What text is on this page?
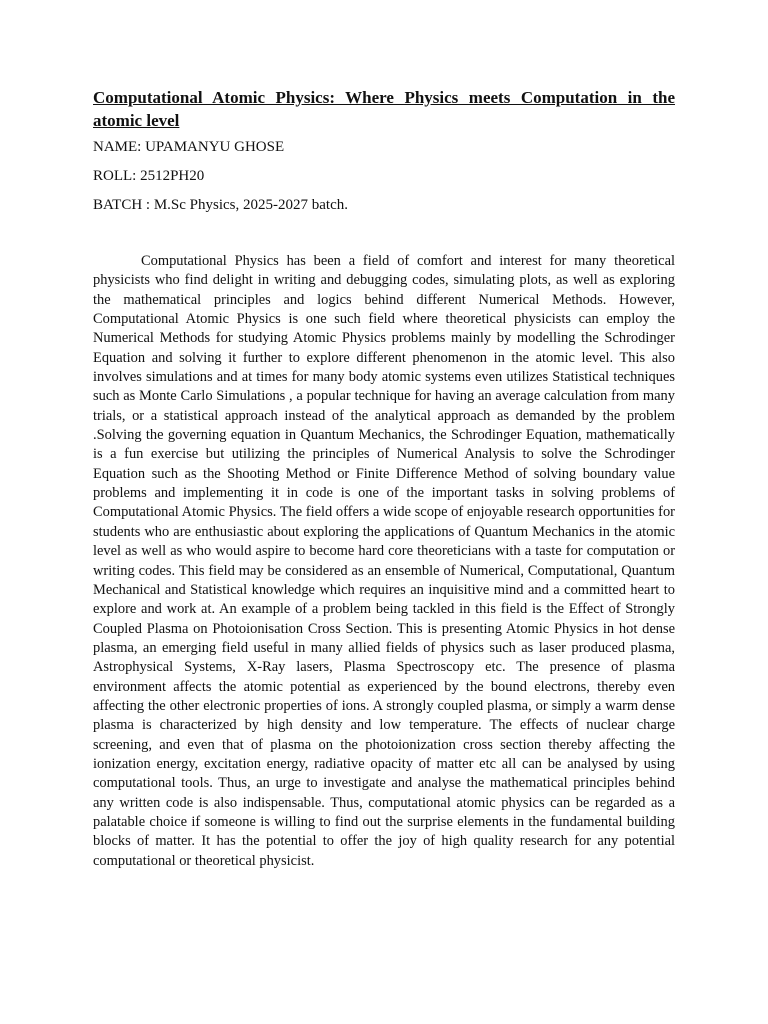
Computational Atomic Physics: Where Physics meets Computation in the atomic level

NAME: UPAMANYU GHOSE

ROLL: 2512PH20

BATCH : M.Sc Physics, 2025-2027 batch.

Computational Physics has been a field of comfort and interest for many theoretical physicists who find delight in writing and debugging codes, simulating plots, as well as exploring the mathematical principles and logics behind different Numerical Methods. However, Computational Atomic Physics is one such field where theoretical physicists can employ the Numerical Methods for studying Atomic Physics problems mainly by modelling the Schrodinger Equation and solving it further to explore different phenomenon in the atomic level. This also involves simulations and at times for many body atomic systems even utilizes Statistical techniques such as Monte Carlo Simulations , a popular technique for having an average calculation from many trials, or a statistical approach instead of the analytical approach as demanded by the problem .Solving the governing equation in Quantum Mechanics, the Schrodinger Equation, mathematically is a fun exercise but utilizing the principles of Numerical Analysis to solve the Schrodinger Equation such as the Shooting Method or Finite Difference Method of solving boundary value problems and implementing it in code is one of the important tasks in solving problems of Computational Atomic Physics. The field offers a wide scope of enjoyable research opportunities for students who are enthusiastic about exploring the applications of Quantum Mechanics in the atomic level as well as who would aspire to become hard core theoreticians with a taste for computation or writing codes. This field may be considered as an ensemble of Numerical, Computational, Quantum Mechanical and Statistical knowledge which requires an inquisitive mind and a committed heart to explore and work at. An example of a problem being tackled in this field is the Effect of Strongly Coupled Plasma on Photoionisation Cross Section. This is presenting Atomic Physics in hot dense plasma, an emerging field useful in many allied fields of physics such as laser produced plasma, Astrophysical Systems, X-Ray lasers, Plasma Spectroscopy etc. The presence of plasma environment affects the atomic potential as experienced by the bound electrons, thereby even affecting the other electronic properties of ions. A strongly coupled plasma, or simply a warm dense plasma is characterized by high density and low temperature. The effects of nuclear charge screening, and even that of plasma on the photoionization cross section thereby affecting the ionization energy, excitation energy, radiative opacity of matter etc all can be analysed by using computational tools. Thus, an urge to investigate and analyse the mathematical principles behind any written code is also indispensable. Thus, computational atomic physics can be regarded as a palatable choice if someone is willing to find out the surprise elements in the fundamental building blocks of matter. It has the potential to offer the joy of high quality research for any potential computational or theoretical physicist.
